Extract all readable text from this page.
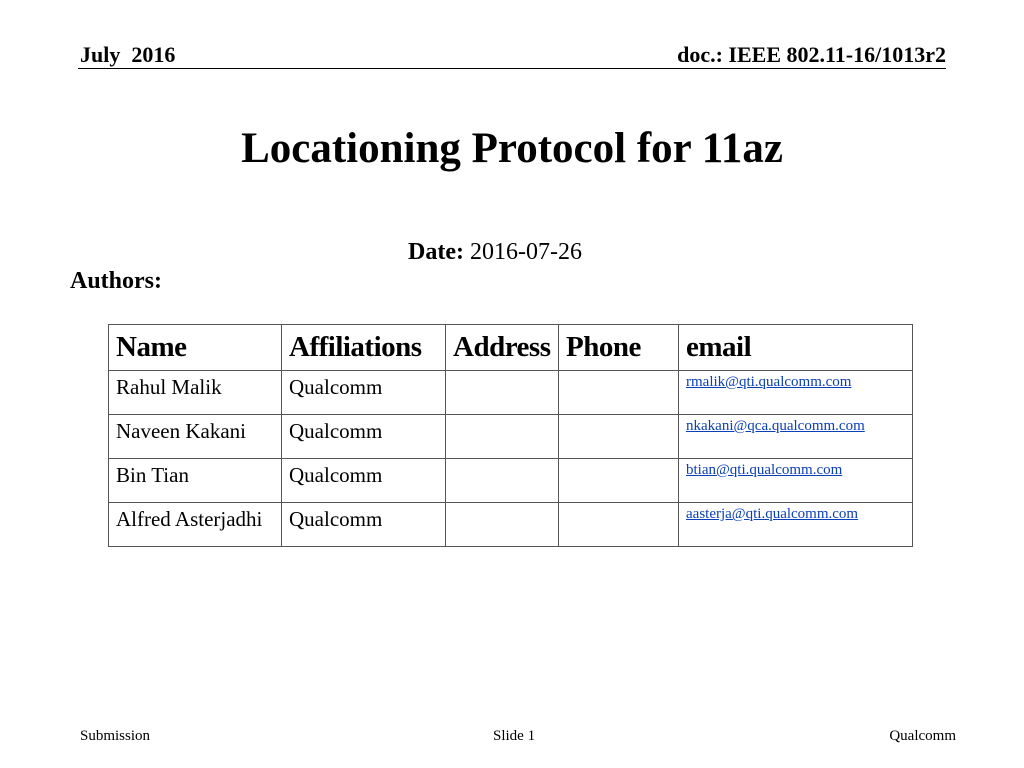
July  2016	doc.: IEEE 802.11-16/1013r2
Locationing Protocol for 11az
Date: 2016-07-26
Authors:
Name	Affiliations	Address	Phone	email
Rahul Malik	Qualcomm			rmalik@qti.qualcomm.com
Naveen Kakani	Qualcomm			nkakani@qca.qualcomm.com
Bin Tian	Qualcomm			btian@qti.qualcomm.com
Alfred Asterjadhi	Qualcomm			aasterja@qti.qualcomm.com
Submission	Slide 1	Qualcomm
